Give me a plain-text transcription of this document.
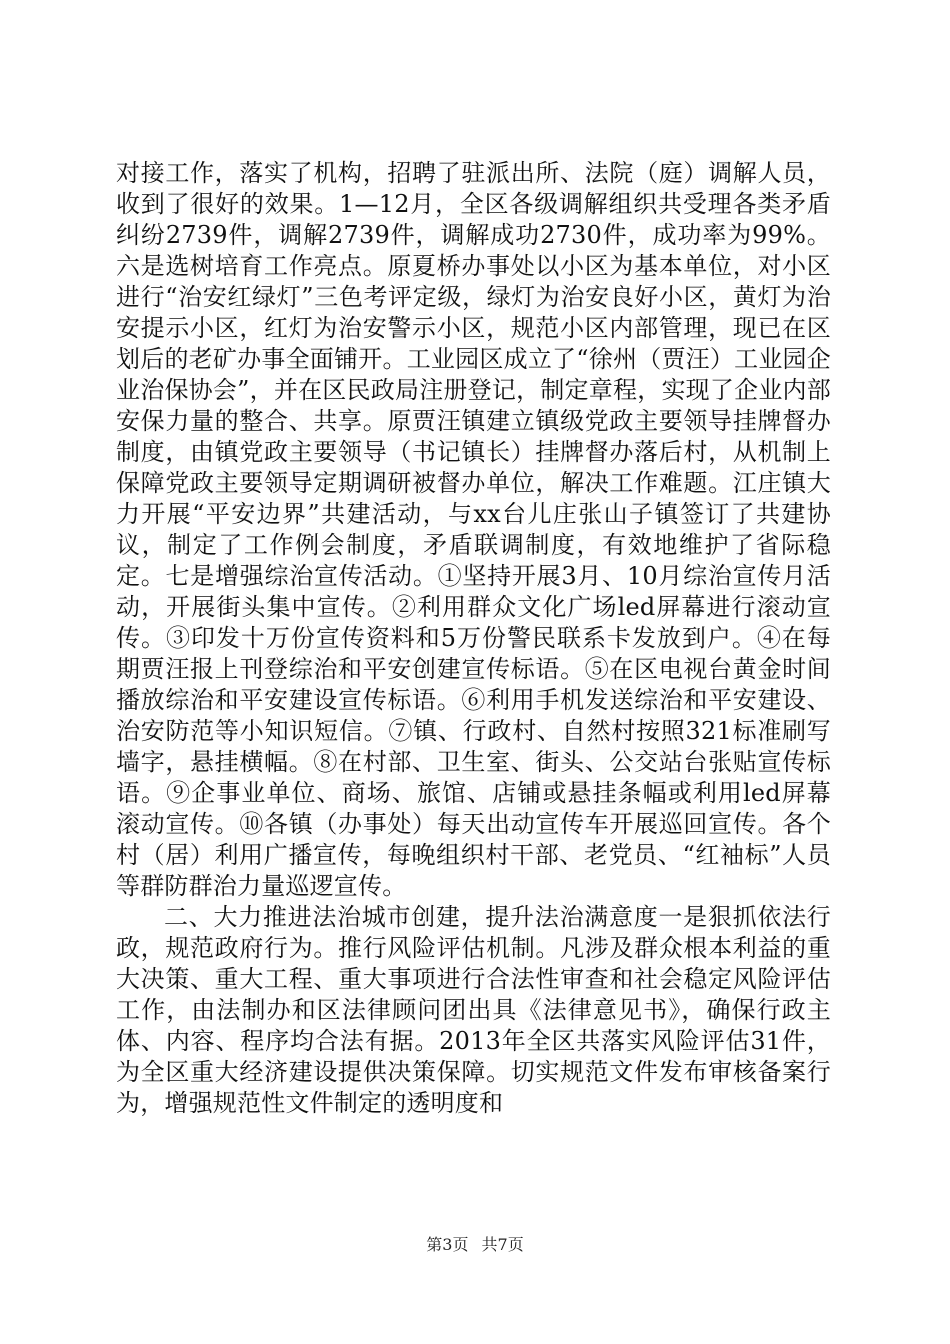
对接工作，落实了机构，招聘了驻派出所、法院（庭）调解人员，收到了很好的效果。1—12月，全区各级调解组织共受理各类矛盾纠纷2739件，调解2739件，调解成功2730件，成功率为99%。六是选树培育工作亮点。原夏桥办事处以小区为基本单位，对小区进行“治安红绿灯”三色考评定级，绿灯为治安良好小区，黄灯为治安提示小区，红灯为治安警示小区，规范小区内部管理，现已在区划后的老矿办事全面铺开。工业园区成立了“徐州（贾汪）工业园企业治保协会”，并在区民政局注册登记，制定章程，实现了企业内部安保力量的整合、共享。原贾汪镇建立镇级党政主要领导挂牌督办制度，由镇党政主要领导（书记镇长）挂牌督办落后村，从机制上保障党政主要领导定期调研被督办单位，解决工作难题。江庄镇大力开展“平安边界”共建活动，与xx台儿庄张山子镇签订了共建协议，制定了工作例会制度，矛盾联调制度，有效地维护了省际稳定。七是增强综治宣传活动。①坚持开展3月、10月综治宣传月活动，开展街头集中宣传。②利用群众文化广场led屏幕进行滚动宣传。③印发十万份宣传资料和5万份警民联系卡发放到户。④在每期贾汪报上刊登综治和平安创建宣传标语。⑤在区电视台黄金时间播放综治和平安建设宣传标语。⑥利用手机发送综治和平安建设、治安防范等小知识短信。⑦镇、行政村、自然村按照321标准刷写墙字，悬挂横幅。⑧在村部、卫生室、街头、公交站台张贴宣传标语。⑨企事业单位、商场、旅馆、店铺或悬挂条幅或利用led屏幕滚动宣传。⑩各镇（办事处）每天出动宣传车开展巡回宣传。各个村（居）利用广播宣传，每晚组织村干部、老党员、“红袖标”人员等群防群治力量巡逻宣传。

二、大力推进法治城市创建，提升法治满意度一是狠抓依法行政，规范政府行为。推行风险评估机制。凡涉及群众根本利益的重大决策、重大工程、重大事项进行合法性审查和社会稳定风险评估工作，由法制办和区法律顾问团出具《法律意见书》，确保行政主体、内容、程序均合法有据。2013年全区共落实风险评估31件，为全区重大经济建设提供决策保障。切实规范文件发布审核备案行为，增强规范性文件制定的透明度和

第3页 共7页
